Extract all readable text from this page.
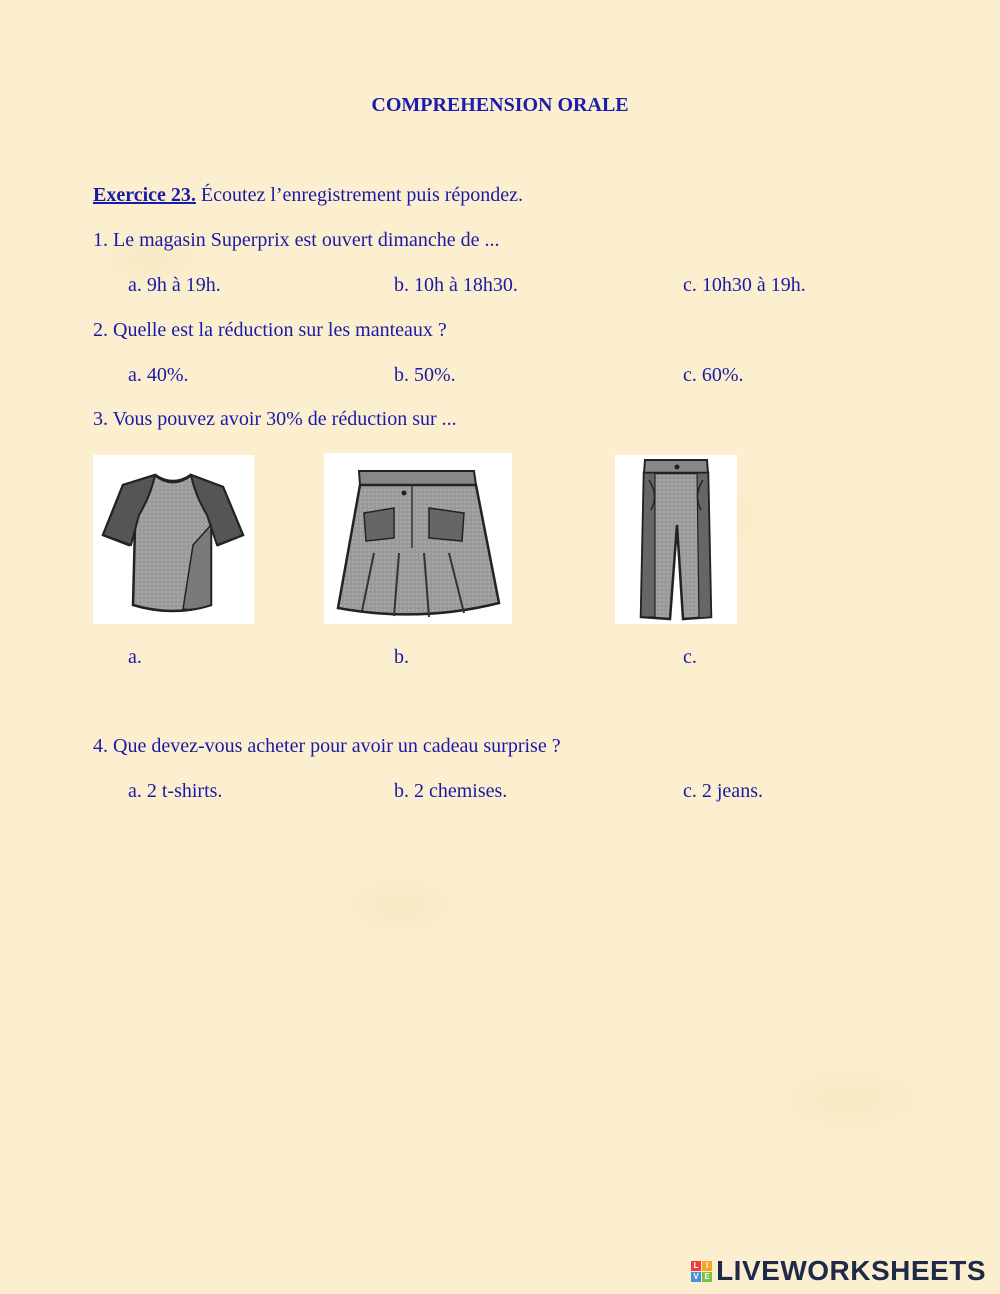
COMPREHENSION ORALE
Exercice 23. Écoutez l’enregistrement puis répondez.
1. Le magasin Superprix est ouvert dimanche de ...
a. 9h à 19h.	b. 10h à 18h30.	c. 10h30 à 19h.
2. Quelle est la réduction sur les manteaux ?
a. 40%.	b. 50%.	c. 60%.
3. Vous pouvez avoir 30% de réduction sur ...
a.	b.	c.
4. Que devez-vous acheter pour avoir un cadeau surprise ?
a. 2 t-shirts.	b. 2 chemises.	c. 2 jeans.
L I
V E LIVEWORKSHEETS
